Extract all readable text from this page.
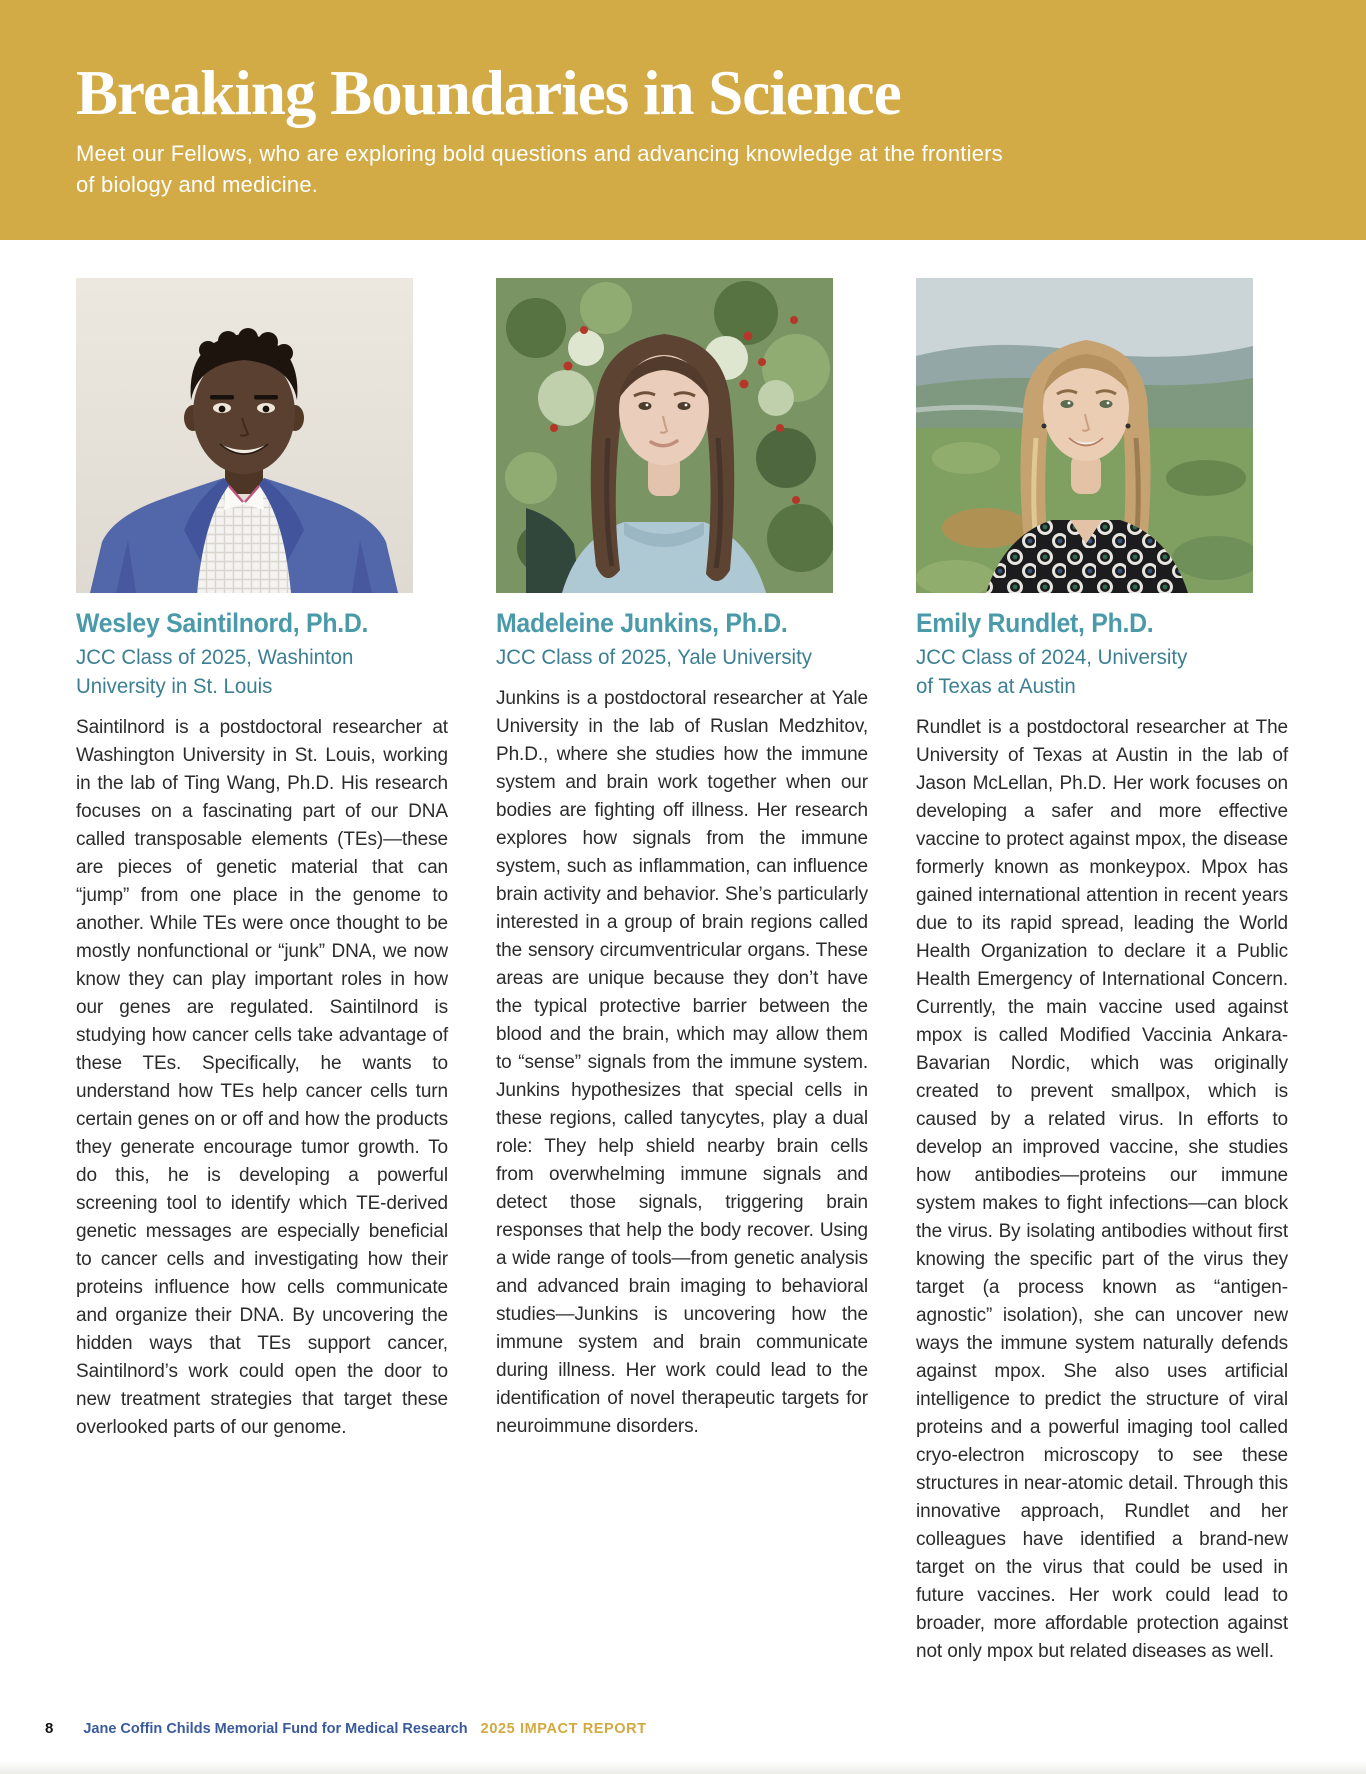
Breaking Boundaries in Science
Meet our Fellows, who are exploring bold questions and advancing knowledge at the frontiers
of biology and medicine.
Wesley Saintilnord, Ph.D.
JCC Class of 2025, Washinton
University in St. Louis

Saintilnord is a postdoctoral researcher at Washington University in St. Louis, working in the lab of Ting Wang, Ph.D. His research focuses on a fascinating part of our DNA called transposable elements (TEs)—these are pieces of genetic material that can “jump” from one place in the genome to another. While TEs were once thought to be mostly nonfunctional or “junk” DNA, we now know they can play important roles in how our genes are regulated. Saintilnord is studying how cancer cells take advantage of these TEs. Specifically, he wants to understand how TEs help cancer cells turn certain genes on or off and how the products they generate encourage tumor growth. To do this, he is developing a powerful screening tool to identify which TE-derived genetic messages are especially beneficial to cancer cells and investigating how their proteins influence how cells communicate and organize their DNA. By uncovering the hidden ways that TEs support cancer, Saintilnord’s work could open the door to new treatment strategies that target these overlooked parts of our genome.

Madeleine Junkins, Ph.D.
JCC Class of 2025, Yale University

Junkins is a postdoctoral researcher at Yale University in the lab of Ruslan Medzhitov, Ph.D., where she studies how the immune system and brain work together when our bodies are fighting off illness. Her research explores how signals from the immune system, such as inflammation, can influence brain activity and behavior. She’s particularly interested in a group of brain regions called the sensory circumventricular organs. These areas are unique because they don’t have the typical protective barrier between the blood and the brain, which may allow them to “sense” signals from the immune system. Junkins hypothesizes that special cells in these regions, called tanycytes, play a dual role: They help shield nearby brain cells from overwhelming immune signals and detect those signals, triggering brain responses that help the body recover. Using a wide range of tools—from genetic analysis and advanced brain imaging to behavioral studies—Junkins is uncovering how the immune system and brain communicate during illness. Her work could lead to the identification of novel therapeutic targets for neuroimmune disorders.

Emily Rundlet, Ph.D.
JCC Class of 2024, University
of Texas at Austin

Rundlet is a postdoctoral researcher at The University of Texas at Austin in the lab of Jason McLellan, Ph.D. Her work focuses on developing a safer and more effective vaccine to protect against mpox, the disease formerly known as monkeypox. Mpox has gained international attention in recent years due to its rapid spread, leading the World Health Organization to declare it a Public Health Emergency of International Concern. Currently, the main vaccine used against mpox is called Modified Vaccinia Ankara-Bavarian Nordic, which was originally created to prevent smallpox, which is caused by a related virus. In efforts to develop an improved vaccine, she studies how antibodies—proteins our immune system makes to fight infections—can block the virus. By isolating antibodies without first knowing the specific part of the virus they target (a process known as “antigen-agnostic” isolation), she can uncover new ways the immune system naturally defends against mpox. She also uses artificial intelligence to predict the structure of viral proteins and a powerful imaging tool called cryo-electron microscopy to see these structures in near-atomic detail. Through this innovative approach, Rundlet and her colleagues have identified a brand-new target on the virus that could be used in future vaccines. Her work could lead to broader, more affordable protection against not only mpox but related diseases as well.

8 Jane Coffin Childs Memorial Fund for Medical Research 2025 IMPACT REPORT
